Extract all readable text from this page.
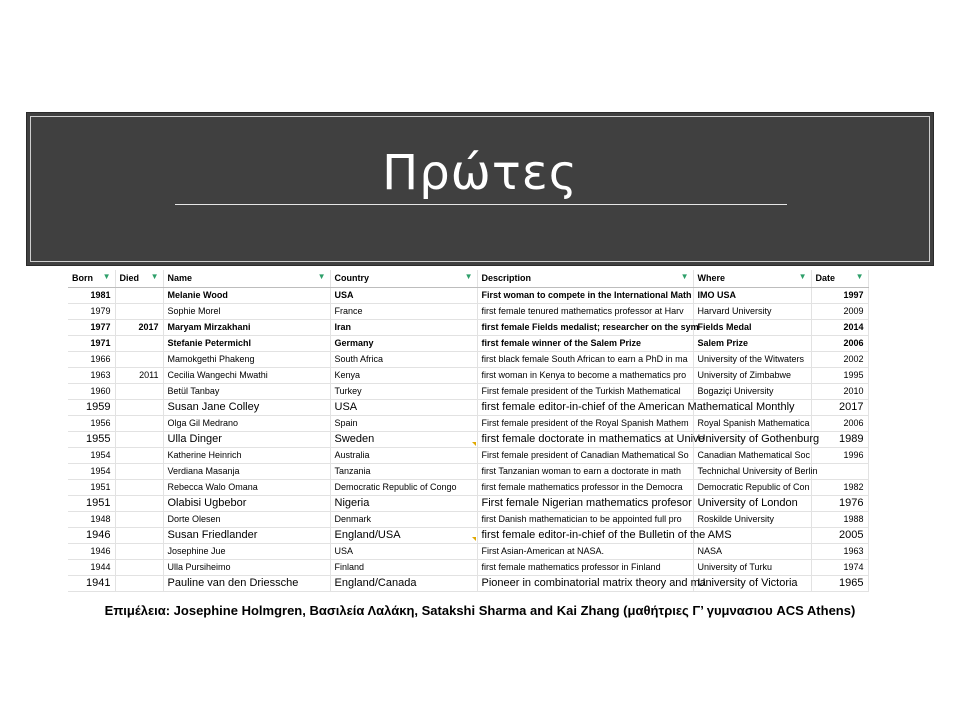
Πρώτες
Born ▼	Died ▼	Name ▼	Country ▼	Description ▼	Where ▼	Date ▼

1981		Melanie Wood	USA	First woman to compete in the International Math	IMO USA	1997
1979		Sophie Morel	France	first female tenured mathematics professor at Harv	Harvard University	2009
1977	2017	Maryam Mirzakhani	Iran	first female Fields medalist; researcher on the sym	Fields Medal	2014
1971		Stefanie Petermichl	Germany	first female winner of the Salem Prize	Salem Prize	2006
1966		Mamokgethi Phakeng	South Africa	first black female South African to earn a PhD in ma	University of the Witwaters	2002
1963	2011	Cecilia Wangechi Mwathi	Kenya	first woman in Kenya to become a mathematics pro	University of Zimbabwe	1995
1960		Betül Tanbay	Turkey	First female president of the Turkish Mathematical	Bogaziçi University	2010
1959		Susan Jane Colley	USA	first female editor-in-chief of the American Mathematical Monthly		2017
1956		Olga Gil Medrano	Spain	First female president of the Royal Spanish Mathem	Royal Spanish Mathematica	2006
1955		Ulla Dinger	Sweden	first female doctorate in mathematics at Unive	University of Gothenburg	1989
1954		Katherine Heinrich	Australia	First female president of Canadian Mathematical So	Canadian Mathematical Soc	1996
1954		Verdiana Masanja	Tanzania	first Tanzanian woman to earn a doctorate in math	Technichal University of Berlin	
1951		Rebecca Walo Omana	Democratic Republic of Congo	first female mathematics professor in the Democra	Democratic Republic of Con	1982
1951		Olabisi Ugbebor	Nigeria	First female Nigerian mathematics profesor	University of London	1976
1948		Dorte Olesen	Denmark	first Danish mathematician to be appointed full pro	Roskilde University	1988
1946		Susan Friedlander	England/USA	first female editor-in-chief of the Bulletin of the AMS		2005
1946		Josephine Jue	USA	First Asian-American at NASA.	NASA	1963
1944		Ulla Pursiheimo	Finland	first female mathematics professor in Finland	University of Turku	1974
1941		Pauline van den Driessche	England/Canada	Pioneer in combinatorial matrix theory and ma	University of Victoria	1965
Επιμέλεια: Josephine Holmgren, Βασιλεία Λαλάκη, Satakshi Sharma and Kai Zhang (μαθήτριες Γ’ γυμνασιου ACS Athens)
